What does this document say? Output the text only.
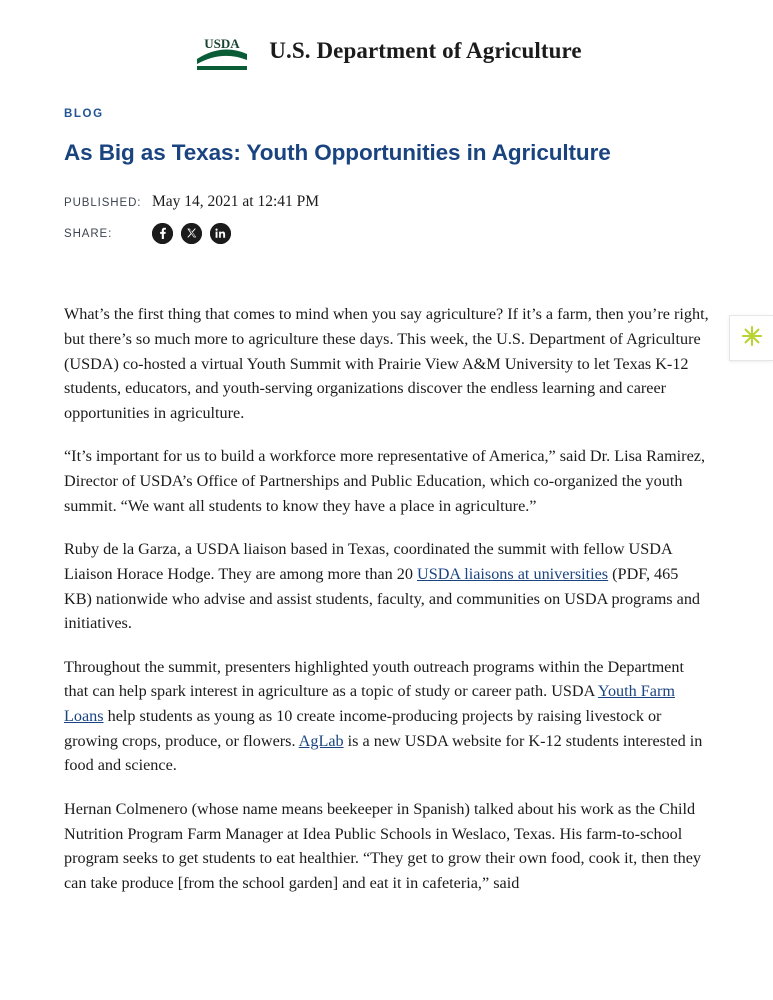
USDA U.S. Department of Agriculture
BLOG
As Big as Texas: Youth Opportunities in Agriculture
PUBLISHED: May 14, 2021 at 12:41 PM
SHARE:

What’s the first thing that comes to mind when you say agriculture? If it’s a farm, then you’re right, but there’s so much more to agriculture these days. This week, the U.S. Department of Agriculture (USDA) co-hosted a virtual Youth Summit with Prairie View A&M University to let Texas K-12 students, educators, and youth-serving organizations discover the endless learning and career opportunities in agriculture.

“It’s important for us to build a workforce more representative of America,” said Dr. Lisa Ramirez, Director of USDA’s Office of Partnerships and Public Education, which co-organized the youth summit. “We want all students to know they have a place in agriculture.”

Ruby de la Garza, a USDA liaison based in Texas, coordinated the summit with fellow USDA Liaison Horace Hodge. They are among more than 20 USDA liaisons at universities (PDF, 465 KB) nationwide who advise and assist students, faculty, and communities on USDA programs and initiatives.

Throughout the summit, presenters highlighted youth outreach programs within the Department that can help spark interest in agriculture as a topic of study or career path. USDA Youth Farm Loans help students as young as 10 create income-producing projects by raising livestock or growing crops, produce, or flowers. AgLab is a new USDA website for K-12 students interested in food and science.

Hernan Colmenero (whose name means beekeeper in Spanish) talked about his work as the Child Nutrition Program Farm Manager at Idea Public Schools in Weslaco, Texas. His farm-to-school program seeks to get students to eat healthier. “They get to grow their own food, cook it, then they can take produce [from the school garden] and eat it in cafeteria,” said
